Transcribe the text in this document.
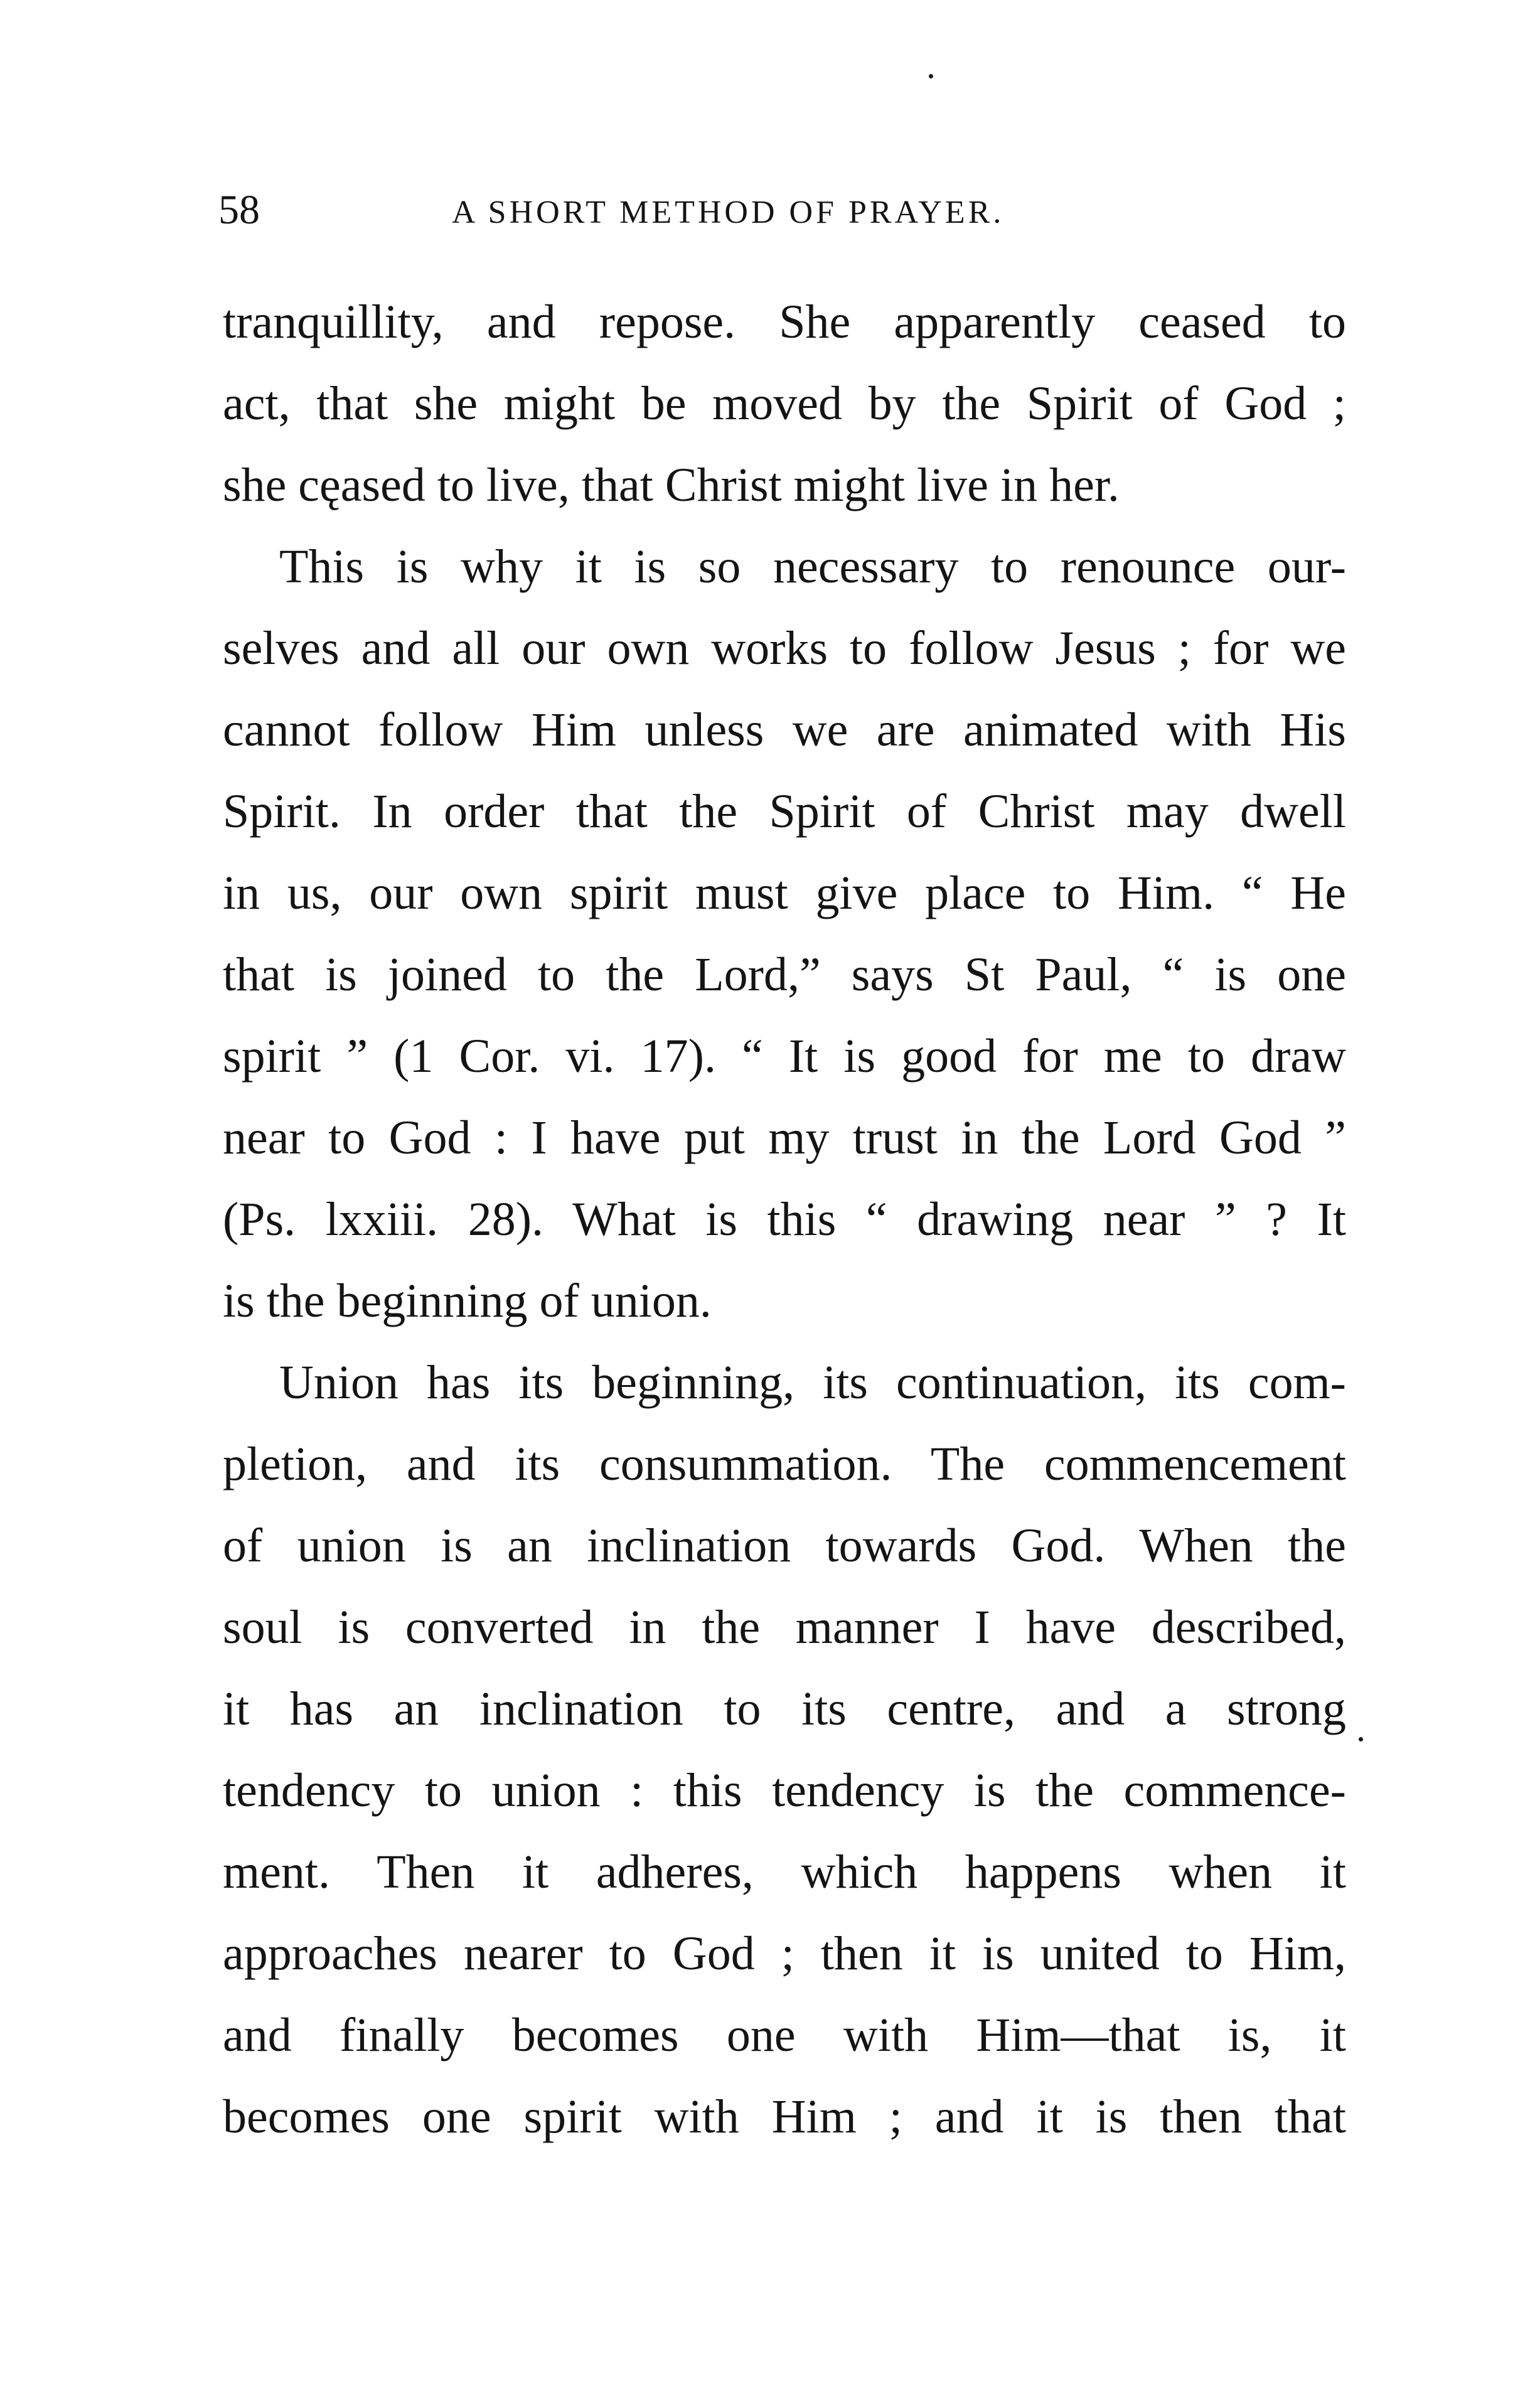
58	A SHORT METHOD OF PRAYER.
tranquillity, and repose. She apparently ceased to
act, that she might be moved by the Spirit of God ;
she cęased to live, that Christ might live in her.
This is why it is so necessary to renounce our-
selves and all our own works to follow Jesus ; for we
cannot follow Him unless we are animated with His
Spirit. In order that the Spirit of Christ may dwell
in us, our own spirit must give place to Him. “ He
that is joined to the Lord,” says St Paul, “ is one
spirit ” (1 Cor. vi. 17). “ It is good for me to draw
near to God : I have put my trust in the Lord God ”
(Ps. lxxiii. 28). What is this “ drawing near ” ? It
is the beginning of union.
Union has its beginning, its continuation, its com-
pletion, and its consummation. The commencement
of union is an inclination towards God. When the
soul is converted in the manner I have described,
it has an inclination to its centre, and a strong
tendency to union : this tendency is the commence-
ment. Then it adheres, which happens when it
approaches nearer to God ; then it is united to Him,
and finally becomes one with Him—that is, it
becomes one spirit with Him ; and it is then that
